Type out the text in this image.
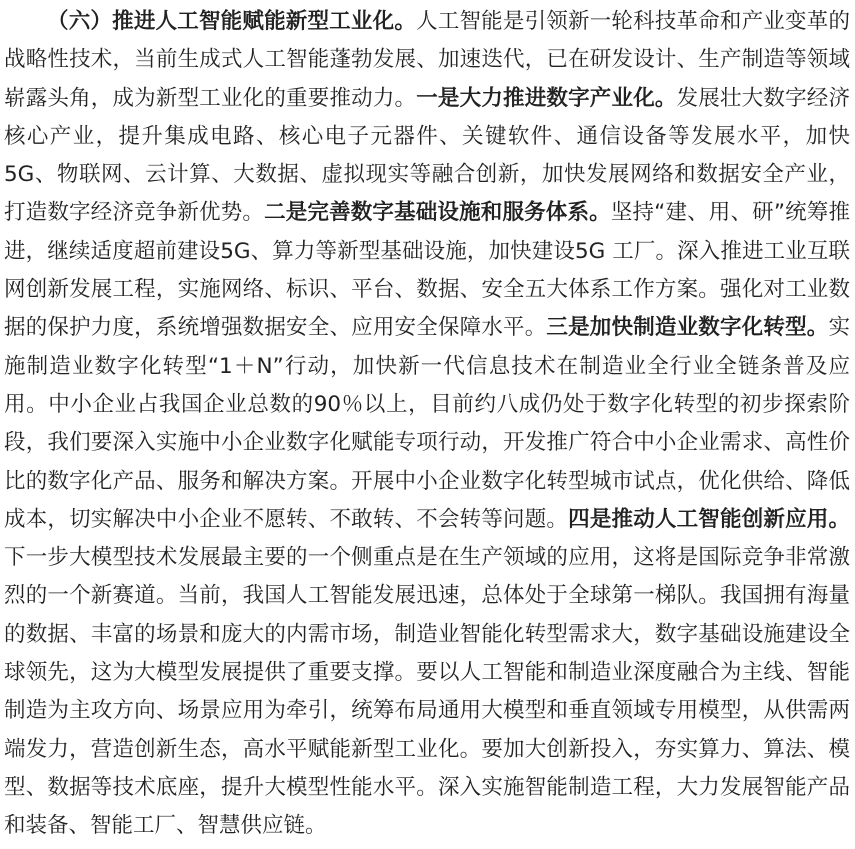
（六）推进人工智能赋能新型工业化。人工智能是引领新一轮科技革命和产业变革的战略性技术，当前生成式人工智能蓬勃发展、加速迭代，已在研发设计、生产制造等领域崭露头角，成为新型工业化的重要推动力。一是大力推进数字产业化。发展壮大数字经济核心产业，提升集成电路、核心电子元器件、关键软件、通信设备等发展水平，加快5G、物联网、云计算、大数据、虚拟现实等融合创新，加快发展网络和数据安全产业，打造数字经济竞争新优势。二是完善数字基础设施和服务体系。坚持“建、用、研”统筹推进，继续适度超前建设5G、算力等新型基础设施，加快建设5G 工厂。深入推进工业互联网创新发展工程，实施网络、标识、平台、数据、安全五大体系工作方案。强化对工业数据的保护力度，系统增强数据安全、应用安全保障水平。三是加快制造业数字化转型。实施制造业数字化转型“1＋N”行动，加快新一代信息技术在制造业全行业全链条普及应用。中小企业占我国企业总数的90％以上，目前约八成仍处于数字化转型的初步探索阶段，我们要深入实施中小企业数字化赋能专项行动，开发推广符合中小企业需求、高性价比的数字化产品、服务和解决方案。开展中小企业数字化转型城市试点，优化供给、降低成本，切实解决中小企业不愿转、不敢转、不会转等问题。四是推动人工智能创新应用。下一步大模型技术发展最主要的一个侧重点是在生产领域的应用，这将是国际竞争非常激烈的一个新赛道。当前，我国人工智能发展迅速，总体处于全球第一梯队。我国拥有海量的数据、丰富的场景和庞大的内需市场，制造业智能化转型需求大，数字基础设施建设全球领先，这为大模型发展提供了重要支撑。要以人工智能和制造业深度融合为主线、智能制造为主攻方向、场景应用为牵引，统筹布局通用大模型和垂直领域专用模型，从供需两端发力，营造创新生态，高水平赋能新型工业化。要加大创新投入，夯实算力、算法、模型、数据等技术底座，提升大模型性能水平。深入实施智能制造工程，大力发展智能产品和装备、智能工厂、智慧供应链。
